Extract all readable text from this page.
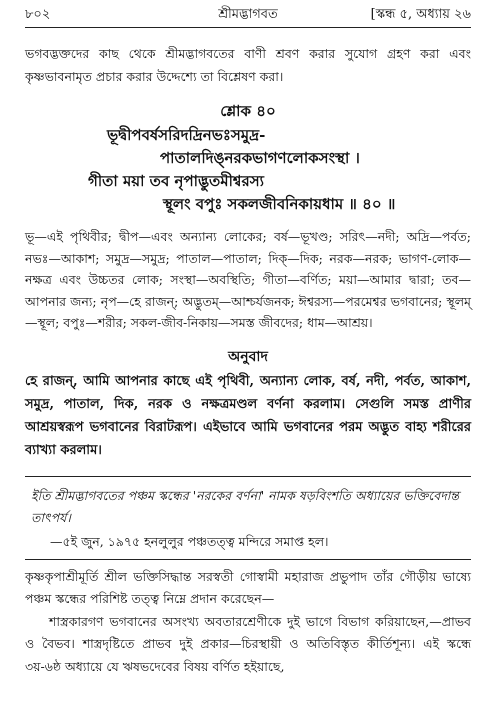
৮০২	শ্রীমদ্ভাগবত	[স্কন্ধ ৫, অধ্যায় ২৬

ভগবদ্ভক্তদের কাছ থেকে শ্রীমদ্ভাগবতের বাণী শ্রবণ করার সুযোগ গ্রহণ করা এবং কৃষ্ণভাবনামৃত প্রচার করার উদ্দেশ্যে তা বিশ্লেষণ করা।

শ্লোক ৪০
ভূদ্বীপবর্ষসরিদদ্রিনভঃসমুদ্র-
পাতালদিঙ্নরকভাগণলোকসংস্থা ।
গীতা ময়া তব নৃপাদ্ভুতমীশ্বরস্য
স্থূলং বপুঃ সকলজীবনিকায়ধাম ॥ ৪০ ॥

ভূ—এই পৃথিবীর; দ্বীপ—এবং অন্যান্য লোকের; বর্ষ—ভূখণ্ড; সরিৎ—নদী; অদ্রি—পর্বত; নভঃ—আকাশ; সমুদ্র—সমুদ্র; পাতাল—পাতাল; দিক্—দিক; নরক—নরক; ভাগণ-লোক—নক্ষত্র এবং উচ্চতর লোক; সংস্থা—অবস্থিতি; গীতা—বর্ণিত; ময়া—আমার দ্বারা; তব—আপনার জন্য; নৃপ—হে রাজন্; অদ্ভুতম্—আশ্চর্যজনক; ঈশ্বরস্য—পরমেশ্বর ভগবানের; স্থূলম্—স্থূল; বপুঃ—শরীর; সকল-জীব-নিকায়—সমস্ত জীবদের; ধাম—আশ্রয়।

অনুবাদ

হে রাজন্, আমি আপনার কাছে এই পৃথিবী, অন্যান্য লোক, বর্ষ, নদী, পর্বত, আকাশ, সমুদ্র, পাতাল, দিক, নরক ও নক্ষত্রমণ্ডল বর্ণনা করলাম। সেগুলি সমস্ত প্রাণীর আশ্রয়স্বরূপ ভগবানের বিরাটরূপ। এইভাবে আমি ভগবানের পরম অদ্ভুত বাহ্য শরীরের ব্যাখ্যা করলাম।

ইতি শ্রীমদ্ভাগবতের পঞ্চম স্কন্ধের 'নরকের বর্ণনা' নামক ষড়বিংশতি অধ্যায়ের ভক্তিবেদান্ত তাৎপর্য।

—৫ই জুন, ১৯৭৫ হনলুলুর পঞ্চতত্ত্ব মন্দিরে সমাপ্ত হল।

কৃষ্ণকৃপাশ্রীমূর্তি শ্রীল ভক্তিসিদ্ধান্ত সরস্বতী গোস্বামী মহারাজ প্রভুপাদ তাঁর গৌড়ীয় ভাষ্যে পঞ্চম স্কন্ধের পরিশিষ্ট তত্ত্ব নিম্নে প্রদান করেছেন—

শাস্ত্রকারগণ ভগবানের অসংখ্য অবতারশ্রেণীকে দুই ভাগে বিভাগ করিয়াছেন,—প্রাভব ও বৈভব। শাস্ত্রদৃষ্টিতে প্রাভব দুই প্রকার—চিরস্থায়ী ও অতিবিস্তৃত কীর্তিশূন্য। এই স্কন্ধে ৩য়-৬ষ্ঠ অধ্যায়ে যে ঋষভদেবের বিষয় বর্ণিত হইয়াছে,
